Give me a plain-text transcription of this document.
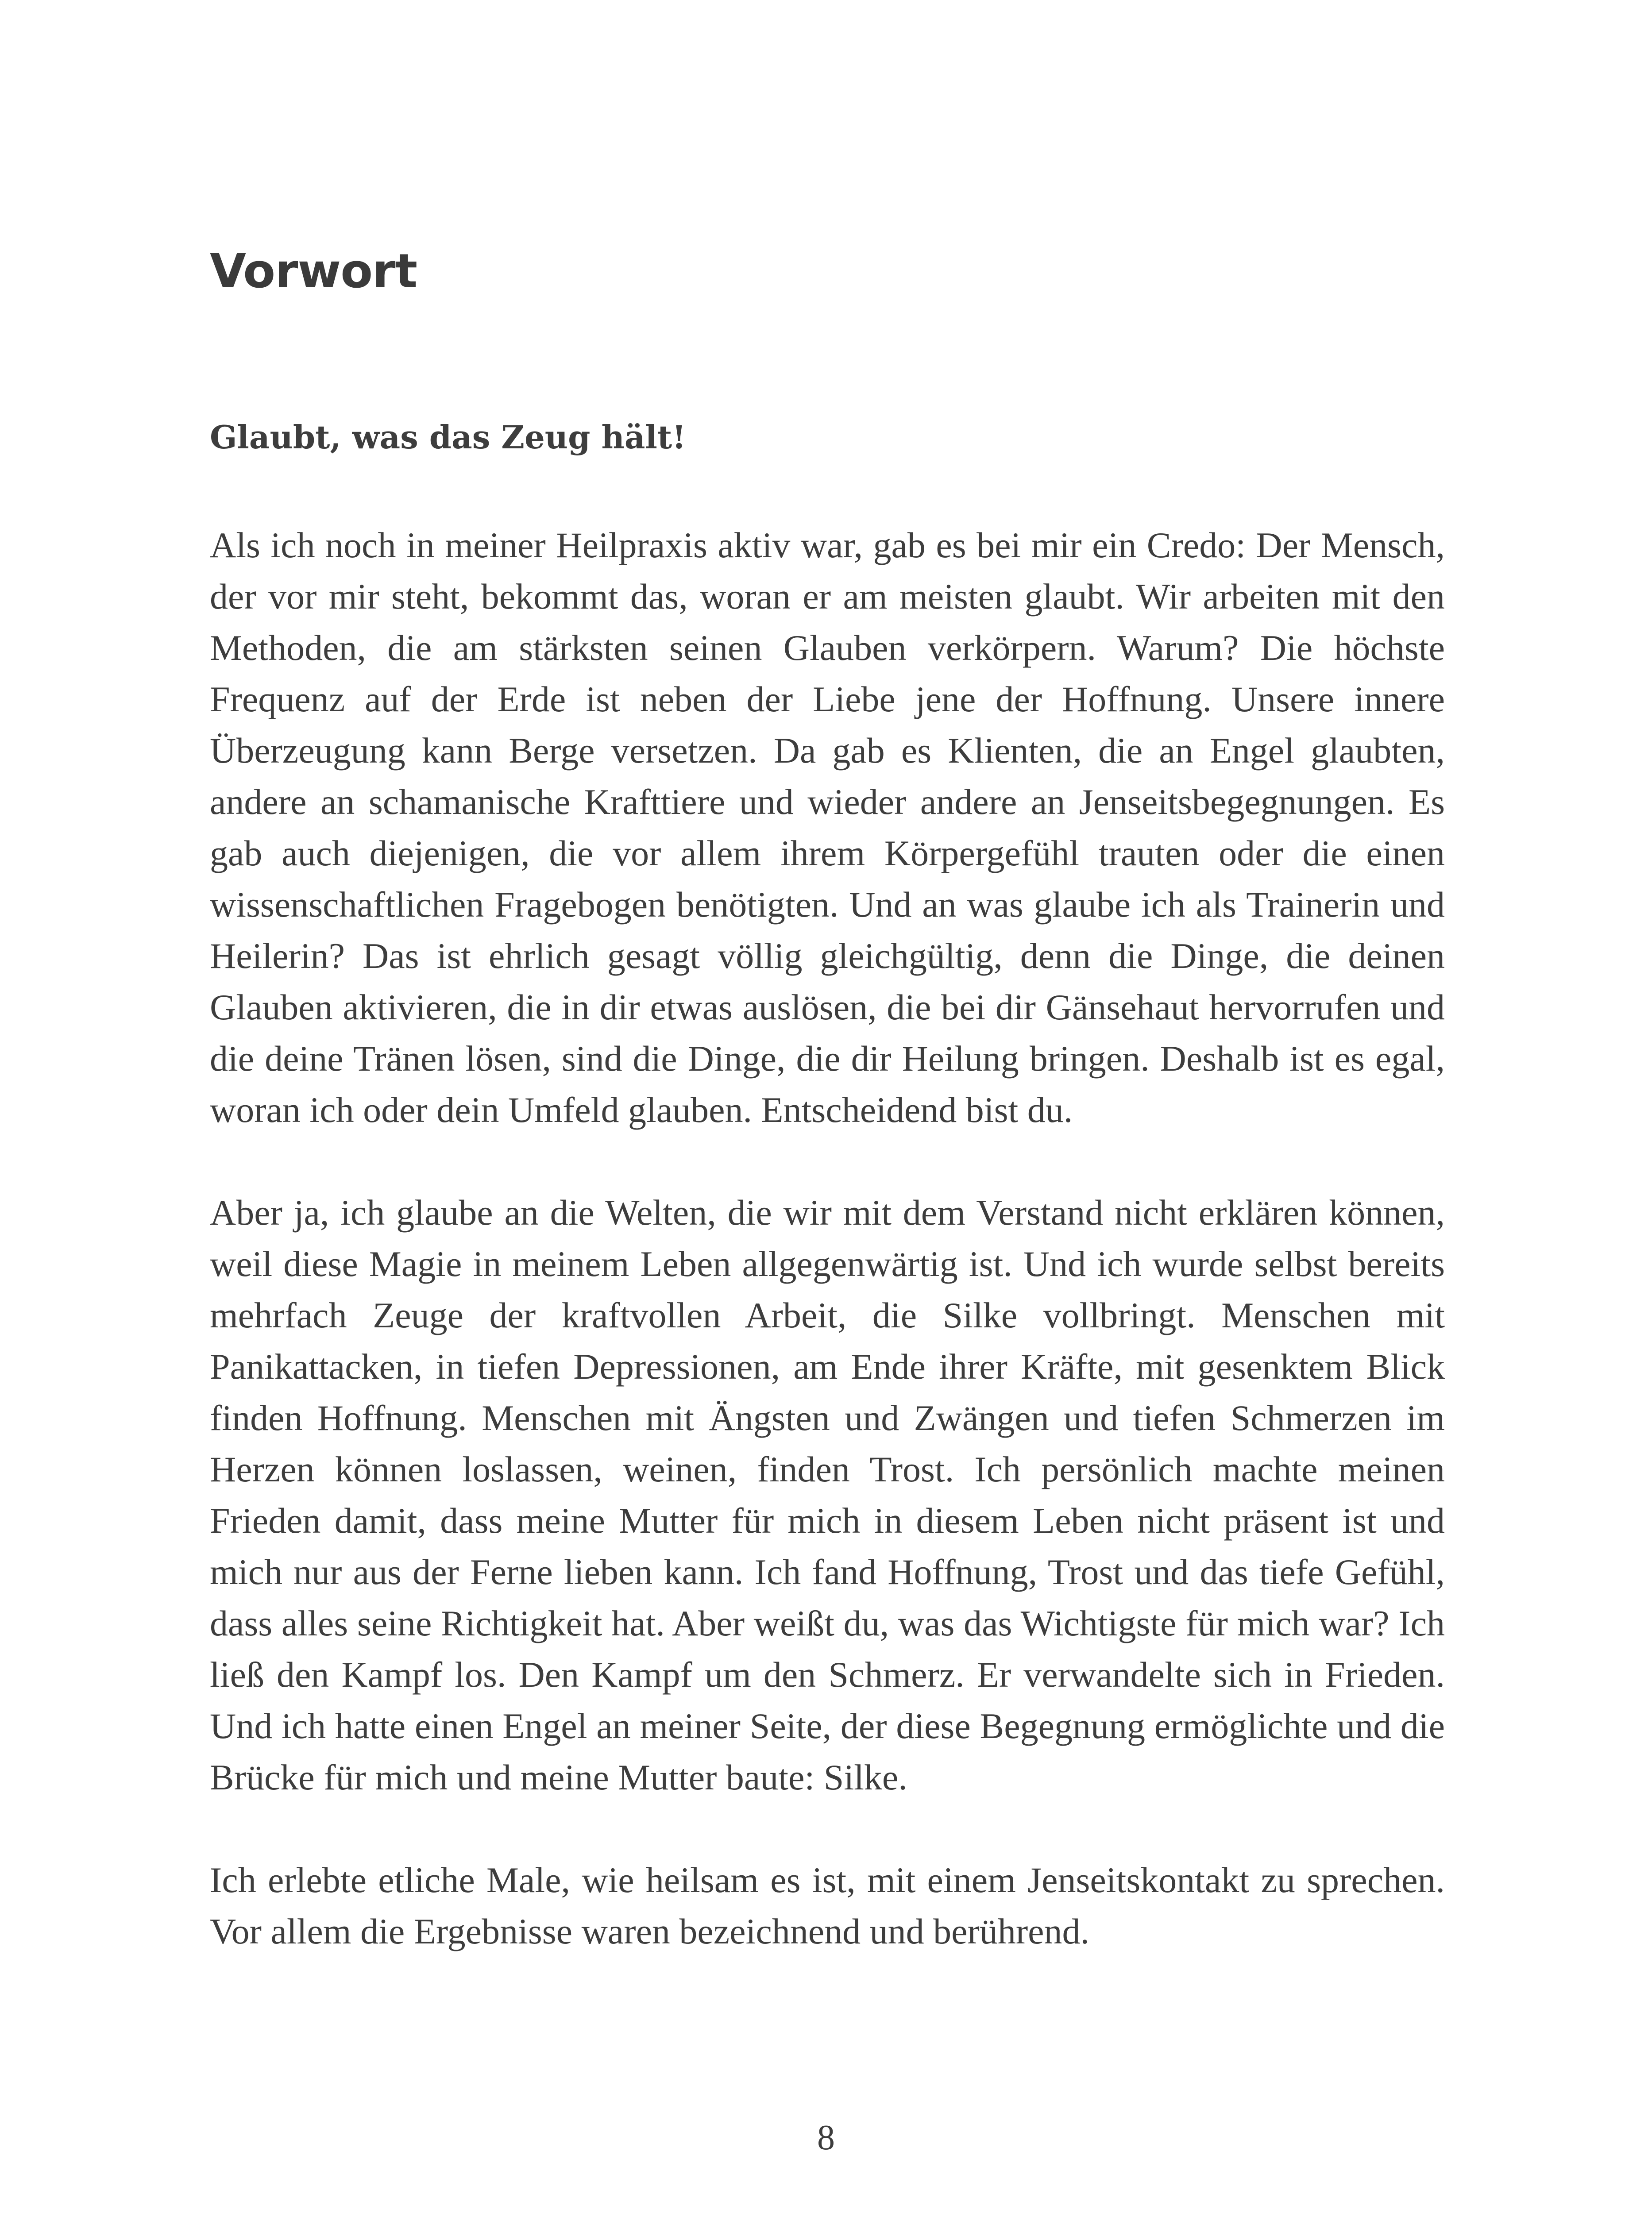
Vorwort
Glaubt, was das Zeug hält!

Als ich noch in meiner Heilpraxis aktiv war, gab es bei mir ein Credo: Der Mensch, der vor mir steht, bekommt das, woran er am meisten glaubt. Wir arbeiten mit den Methoden, die am stärksten seinen Glauben verkörpern. Warum? Die höchste Frequenz auf der Erde ist neben der Liebe jene der Hoffnung. Unsere innere Überzeugung kann Berge versetzen. Da gab es Klienten, die an Engel glaubten, andere an schamanische Krafttiere und wieder andere an Jenseitsbegegnungen. Es gab auch diejenigen, die vor allem ihrem Körpergefühl trauten oder die einen wissenschaftlichen Fragebogen benötigten. Und an was glaube ich als Trainerin und Heilerin? Das ist ehrlich gesagt völlig gleichgültig, denn die Dinge, die deinen Glauben aktivieren, die in dir etwas auslösen, die bei dir Gänsehaut hervorrufen und die deine Tränen lösen, sind die Dinge, die dir Heilung bringen. Deshalb ist es egal, woran ich oder dein Umfeld glauben. Entscheidend bist du.

Aber ja, ich glaube an die Welten, die wir mit dem Verstand nicht erklären können, weil diese Magie in meinem Leben allgegenwärtig ist. Und ich wurde selbst bereits mehrfach Zeuge der kraftvollen Arbeit, die Silke vollbringt. Menschen mit Panikattacken, in tiefen Depressionen, am Ende ihrer Kräfte, mit gesenktem Blick finden Hoffnung. Menschen mit Ängsten und Zwängen und tiefen Schmerzen im Herzen können loslassen, weinen, finden Trost. Ich persönlich machte meinen Frieden damit, dass meine Mutter für mich in diesem Leben nicht präsent ist und mich nur aus der Ferne lieben kann. Ich fand Hoffnung, Trost und das tiefe Gefühl, dass alles seine Richtigkeit hat. Aber weißt du, was das Wichtigste für mich war? Ich ließ den Kampf los. Den Kampf um den Schmerz. Er verwandelte sich in Frieden. Und ich hatte einen Engel an meiner Seite, der diese Begegnung ermöglichte und die Brücke für mich und meine Mutter baute: Silke.

Ich erlebte etliche Male, wie heilsam es ist, mit einem Jenseitskontakt zu sprechen. Vor allem die Ergebnisse waren bezeichnend und berührend.

8
